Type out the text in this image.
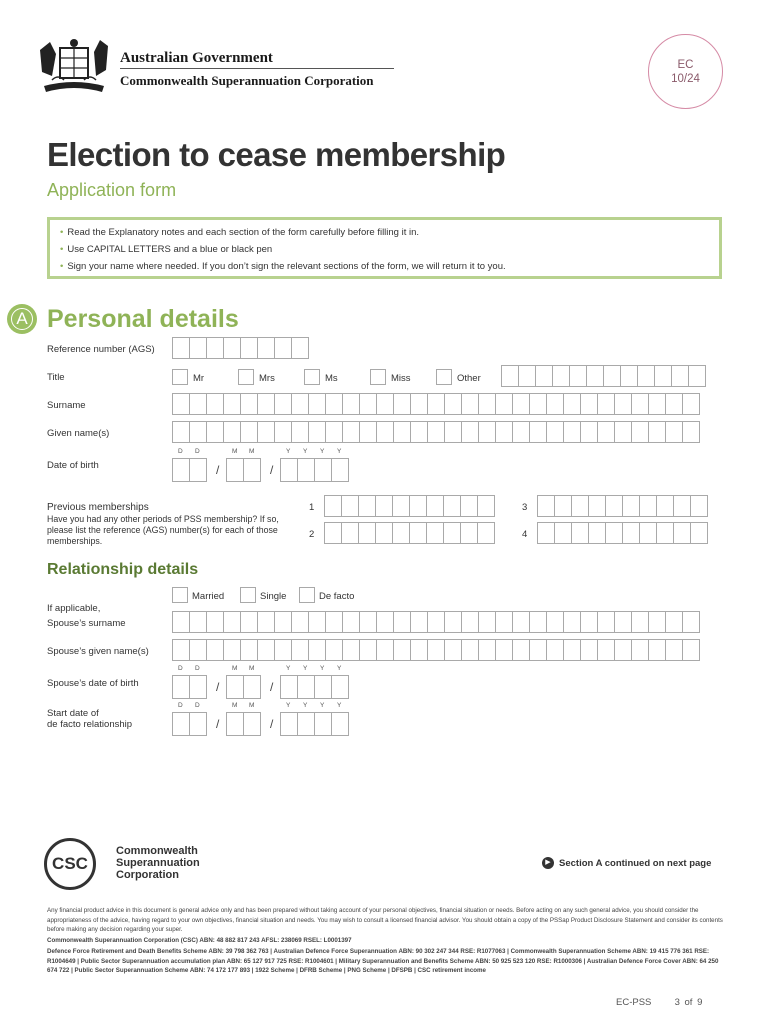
Australian Government
Commonwealth Superannuation Corporation
EC
10/24
Election to cease membership
Application form
• Read the Explanatory notes and each section of the form carefully before filling it in.
• Use CAPITAL LETTERS and a blue or black pen
• Sign your name where needed. If you don’t sign the relevant sections of the form, we will return it to you.
A Personal details
Reference number (AGS)
Title	Mr	Mrs	Ms	Miss	Other
Surname
Given name(s)
Date of birth
D D	M M	Y Y Y Y
/	/
Previous memberships
Have you had any other periods of PSS membership? If so, please list the reference (AGS) number(s) for each of those memberships.
1
2
3
4
Relationship details
Married	Single	De facto
If applicable,
Spouse’s surname
Spouse’s given name(s)
Spouse’s date of birth
D D	M M	Y Y Y Y
/	/
Start date of
de facto relationship
D D	M M	Y Y Y Y
/	/
CSC
Commonwealth
Superannuation
Corporation
▶ Section A continued on next page
Any financial product advice in this document is general advice only and has been prepared without taking account of your personal objectives, financial situation or needs. Before acting on any such general advice, you should consider the appropriateness of the advice, having regard to your own objectives, financial situation and needs. You may wish to consult a licensed financial advisor. You should obtain a copy of the PSSap Product Disclosure Statement and consider its contents before making any decision regarding your super.
Commonwealth Superannuation Corporation (CSC) ABN: 48 882 817 243 AFSL: 238069 RSEL: L0001397
Defence Force Retirement and Death Benefits Scheme ABN: 39 798 362 763 | Australian Defence Force Superannuation ABN: 90 302 247 344 RSE: R1077063 | Commonwealth Superannuation Scheme ABN: 19 415 776 361 RSE: R1004649 | Public Sector Superannuation accumulation plan ABN: 65 127 917 725 RSE: R1004601 | Military Superannuation and Benefits Scheme ABN: 50 925 523 120 RSE: R1000306 | Australian Defence Force Cover ABN: 64 250 674 722 | Public Sector Superannuation Scheme ABN: 74 172 177 893 | 1922 Scheme | DFRB Scheme | PNG Scheme | DFSPB | CSC retirement income
EC-PSS 3 of 9
